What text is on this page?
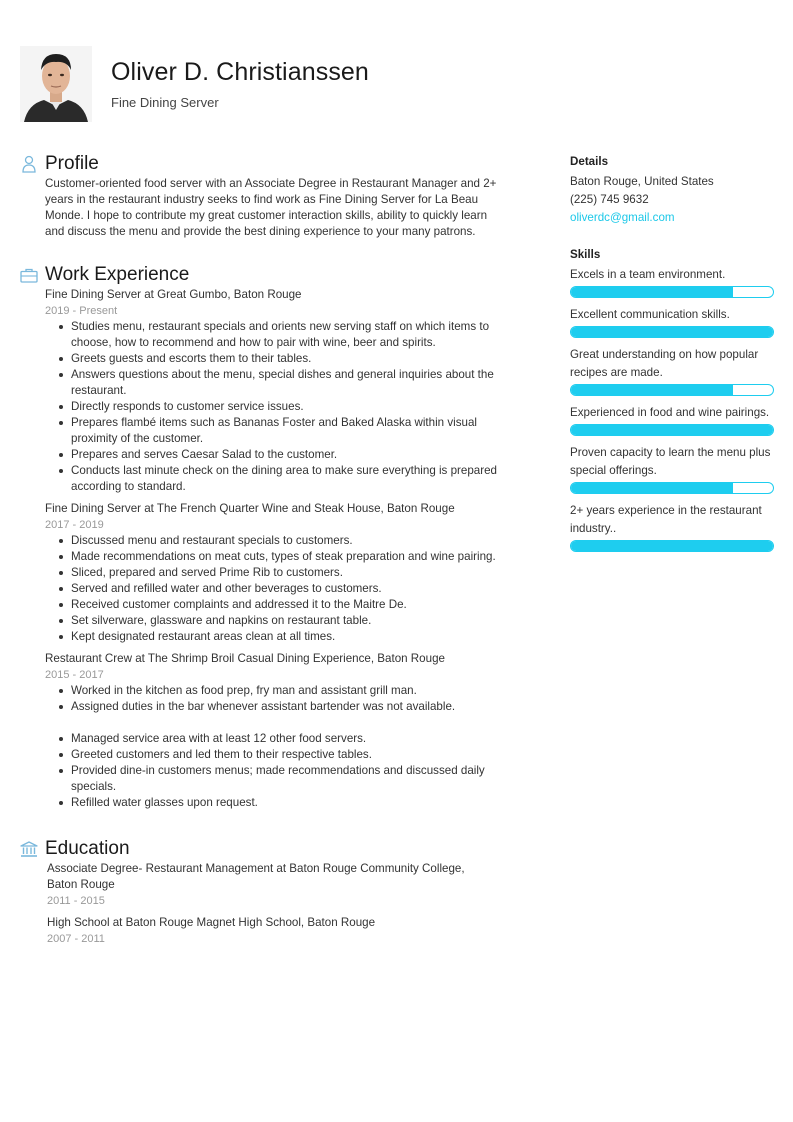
Oliver D. Christianssen
Fine Dining Server
Profile

Customer-oriented food server with an Associate Degree in Restaurant Manager and 2+ years in the restaurant industry seeks to find work as Fine Dining Server for La Beau Monde. I hope to contribute my great customer interaction skills, ability to quickly learn and discuss the menu and provide the best dining experience to your many patrons.

Work Experience
Fine Dining Server at Great Gumbo, Baton Rouge
2019 - Present
Studies menu, restaurant specials and orients new serving staff on which items to choose, how to recommend and how to pair with wine, beer and spirits.
Greets guests and escorts them to their tables.
Answers questions about the menu, special dishes and general inquiries about the restaurant.
Directly responds to customer service issues.
Prepares flambé items such as Bananas Foster and Baked Alaska within visual proximity of the customer.
Prepares and serves Caesar Salad to the customer.
Conducts last minute check on the dining area to make sure everything is prepared according to standard.
Fine Dining Server at The French Quarter Wine and Steak House, Baton Rouge
2017 - 2019
Discussed menu and restaurant specials to customers.
Made recommendations on meat cuts, types of steak preparation and wine pairing.
Sliced, prepared and served Prime Rib to customers.
Served and refilled water and other beverages to customers.
Received customer complaints and addressed it to the Maitre De.
Set silverware, glassware and napkins on restaurant table.
Kept designated restaurant areas clean at all times.
Restaurant Crew at The Shrimp Broil Casual Dining Experience, Baton Rouge
2015 - 2017
Worked in the kitchen as food prep, fry man and assistant grill man.
Assigned duties in the bar whenever assistant bartender was not available.
Managed service area with at least 12 other food servers.
Greeted customers and led them to their respective tables.
Provided dine-in customers menus; made recommendations and discussed daily specials.
Refilled water glasses upon request.
Education
Associate Degree- Restaurant Management at Baton Rouge Community College, Baton Rouge
2011 - 2015
High School at Baton Rouge Magnet High School, Baton Rouge
2007 - 2011
Details
Baton Rouge, United States
(225) 745 9632
oliverdc@gmail.com
Skills
Excels in a team environment.
Excellent communication skills.
Great understanding on how popular recipes are made.
Experienced in food and wine pairings.
Proven capacity to learn the menu plus special offerings.
2+ years experience in the restaurant industry..
